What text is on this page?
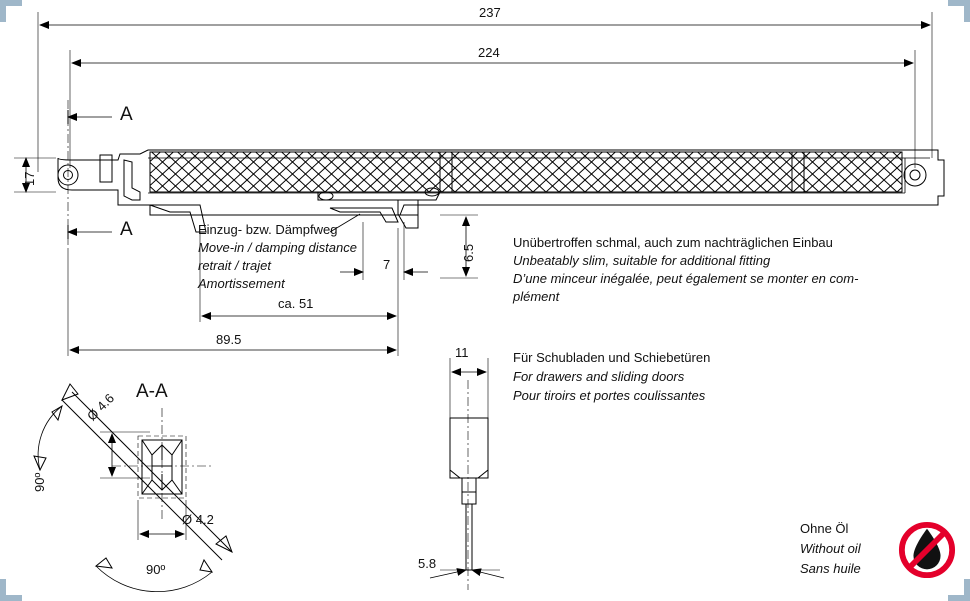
237
224
17
A
A	Einzug- bzw. Dämpfweg
Move-in / damping distance
retrait / trajet
Amortissement
7
6.5
ca. 51
89.5
Unübertroffen schmal, auch zum nachträglichen Einbau
Unbeatably slim, suitable for additional fitting
D’une minceur inégalée, peut également se monter en com-
plément
Für Schubladen und Schiebetüren
For drawers and sliding doors
Pour tiroirs et portes coulissantes
A-A
90º
90º
Ø 4.6
Ø 4.2
11
5.8
Ohne Öl
Without oil
Sans huile
